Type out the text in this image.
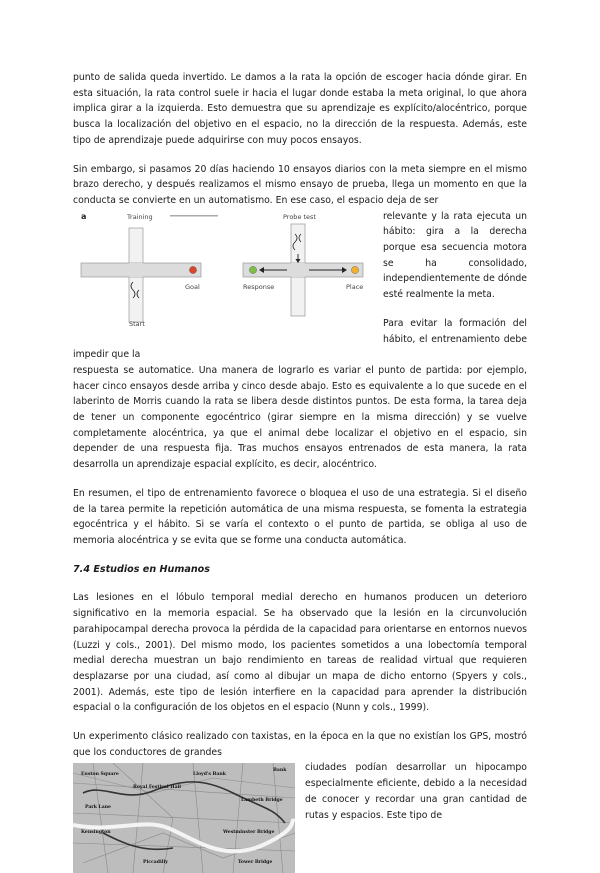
punto de salida queda invertido. Le damos a la rata la opción de escoger hacia dónde girar. En esta situación, la rata control suele ir hacia el lugar donde estaba la meta original, lo que ahora implica girar a la izquierda. Esto demuestra que su aprendizaje es explícito/alocéntrico, porque busca la localización del objetivo en el espacio, no la dirección de la respuesta. Además, este tipo de aprendizaje puede adquirirse con muy pocos ensayos.

Sin embargo, si pasamos 20 días haciendo 10 ensayos diarios con la meta siempre en el mismo brazo derecho, y después realizamos el mismo ensayo de prueba, llega un momento en que la conducta se convierte en un automatismo. En ese caso, el espacio deja de ser

a	Training	Probe test
Goal
Start
Response	Place

relevante y la rata ejecuta un hábito: gira a la derecha porque esa secuencia motora se ha consolidado, independientemente de dónde esté realmente la meta.

Para evitar la formación del hábito, el entrenamiento debe impedir que la

respuesta se automatice. Una manera de lograrlo es variar el punto de partida: por ejemplo, hacer cinco ensayos desde arriba y cinco desde abajo. Esto es equivalente a lo que sucede en el laberinto de Morris cuando la rata se libera desde distintos puntos. De esta forma, la tarea deja de tener un componente egocéntrico (girar siempre en la misma dirección) y se vuelve completamente alocéntrica, ya que el animal debe localizar el objetivo en el espacio, sin depender de una respuesta fija. Tras muchos ensayos entrenados de esta manera, la rata desarrolla un aprendizaje espacial explícito, es decir, alocéntrico.

En resumen, el tipo de entrenamiento favorece o bloquea el uso de una estrategia. Si el diseño de la tarea permite la repetición automática de una misma respuesta, se fomenta la estrategia egocéntrica y el hábito. Si se varía el contexto o el punto de partida, se obliga al uso de memoria alocéntrica y se evita que se forme una conducta automática.

7.4 Estudios en Humanos

Las lesiones en el lóbulo temporal medial derecho en humanos producen un deterioro significativo en la memoria espacial. Se ha observado que la lesión en la circunvolución parahipocampal derecha provoca la pérdida de la capacidad para orientarse en entornos nuevos (Luzzi y cols., 2001). Del mismo modo, los pacientes sometidos a una lobectomía temporal medial derecha muestran un bajo rendimiento en tareas de realidad virtual que requieren desplazarse por una ciudad, así como al dibujar un mapa de dicho entorno (Spyers y cols., 2001). Además, este tipo de lesión interfiere en la capacidad para aprender la distribución espacial o la configuración de los objetos en el espacio (Nunn y cols., 1999).

Un experimento clásico realizado con taxistas, en la época en la que no existían los GPS, mostró que los conductores de grandes

Euston Square	Lloyd's Bank
Bank
Park Lane
Lambeth Bridge
Kensington	Westminster Bridge
Royal Festival Hall
Tower Bridge
Piccadilly

ciudades podían desarrollar un hipocampo especialmente eficiente, debido a la necesidad de conocer y recordar una gran cantidad de rutas y espacios. Este tipo de
